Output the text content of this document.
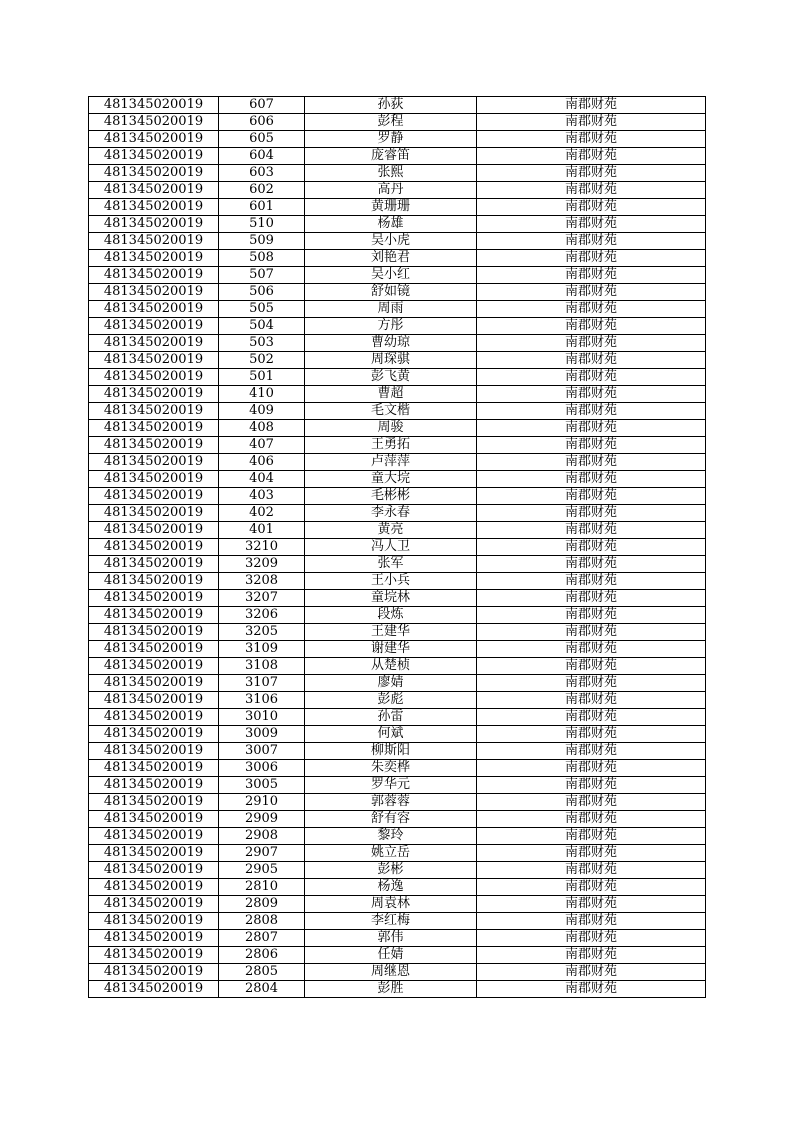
481345020019	607	孙荻	南郡财苑
481345020019	606	彭程	南郡财苑
481345020019	605	罗静	南郡财苑
481345020019	604	庞睿笛	南郡财苑
481345020019	603	张熙	南郡财苑
481345020019	602	高丹	南郡财苑
481345020019	601	黄珊珊	南郡财苑
481345020019	510	杨雄	南郡财苑
481345020019	509	吴小虎	南郡财苑
481345020019	508	刘艳君	南郡财苑
481345020019	507	吴小红	南郡财苑
481345020019	506	舒如镜	南郡财苑
481345020019	505	周雨	南郡财苑
481345020019	504	方彤	南郡财苑
481345020019	503	曹幼琼	南郡财苑
481345020019	502	周琛骐	南郡财苑
481345020019	501	彭飞黄	南郡财苑
481345020019	410	曹超	南郡财苑
481345020019	409	毛文楷	南郡财苑
481345020019	408	周骏	南郡财苑
481345020019	407	王勇拓	南郡财苑
481345020019	406	卢萍萍	南郡财苑
481345020019	404	童大垸	南郡财苑
481345020019	403	毛彬彬	南郡财苑
481345020019	402	李永春	南郡财苑
481345020019	401	黄亮	南郡财苑
481345020019	3210	冯人卫	南郡财苑
481345020019	3209	张军	南郡财苑
481345020019	3208	王小兵	南郡财苑
481345020019	3207	童垸林	南郡财苑
481345020019	3206	段炼	南郡财苑
481345020019	3205	王建华	南郡财苑
481345020019	3109	谢建华	南郡财苑
481345020019	3108	从楚桢	南郡财苑
481345020019	3107	廖婧	南郡财苑
481345020019	3106	彭彪	南郡财苑
481345020019	3010	孙雷	南郡财苑
481345020019	3009	何斌	南郡财苑
481345020019	3007	柳斯阳	南郡财苑
481345020019	3006	朱奕桦	南郡财苑
481345020019	3005	罗华元	南郡财苑
481345020019	2910	郭蓉蓉	南郡财苑
481345020019	2909	舒有容	南郡财苑
481345020019	2908	黎玲	南郡财苑
481345020019	2907	姚立岳	南郡财苑
481345020019	2905	彭彬	南郡财苑
481345020019	2810	杨逸	南郡财苑
481345020019	2809	周袁林	南郡财苑
481345020019	2808	李红梅	南郡财苑
481345020019	2807	郭伟	南郡财苑
481345020019	2806	任婧	南郡财苑
481345020019	2805	周继恩	南郡财苑
481345020019	2804	彭胜	南郡财苑
